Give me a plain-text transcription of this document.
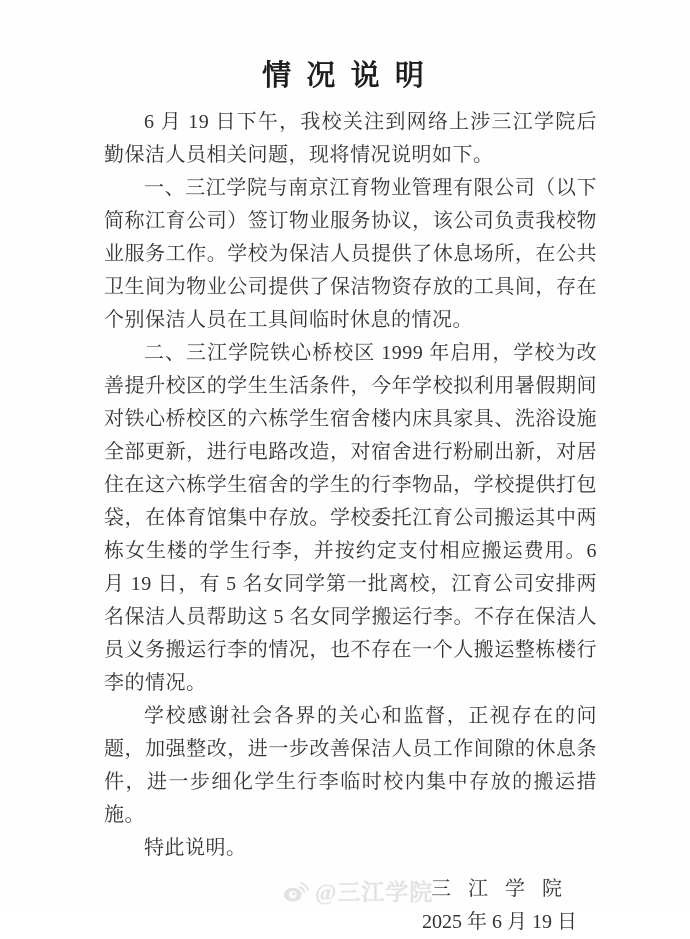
情 况 说 明

6 月 19 日下午，我校关注到网络上涉三江学院后勤保洁人员相关问题，现将情况说明如下。

一、三江学院与南京江育物业管理有限公司（以下简称江育公司）签订物业服务协议，该公司负责我校物业服务工作。学校为保洁人员提供了休息场所，在公共卫生间为物业公司提供了保洁物资存放的工具间，存在个别保洁人员在工具间临时休息的情况。

二、三江学院铁心桥校区 1999 年启用，学校为改善提升校区的学生生活条件，今年学校拟利用暑假期间对铁心桥校区的六栋学生宿舍楼内床具家具、洗浴设施全部更新，进行电路改造，对宿舍进行粉刷出新，对居住在这六栋学生宿舍的学生的行李物品，学校提供打包袋，在体育馆集中存放。学校委托江育公司搬运其中两栋女生楼的学生行李，并按约定支付相应搬运费用。6 月 19 日，有 5 名女同学第一批离校，江育公司安排两名保洁人员帮助这 5 名女同学搬运行李。不存在保洁人员义务搬运行李的情况，也不存在一个人搬运整栋楼行李的情况。

学校感谢社会各界的关心和监督，正视存在的问题，加强整改，进一步改善保洁人员工作间隙的休息条件，进一步细化学生行李临时校内集中存放的搬运措施。

特此说明。

三 江 学 院
2025 年 6 月 19 日
@三江学院
